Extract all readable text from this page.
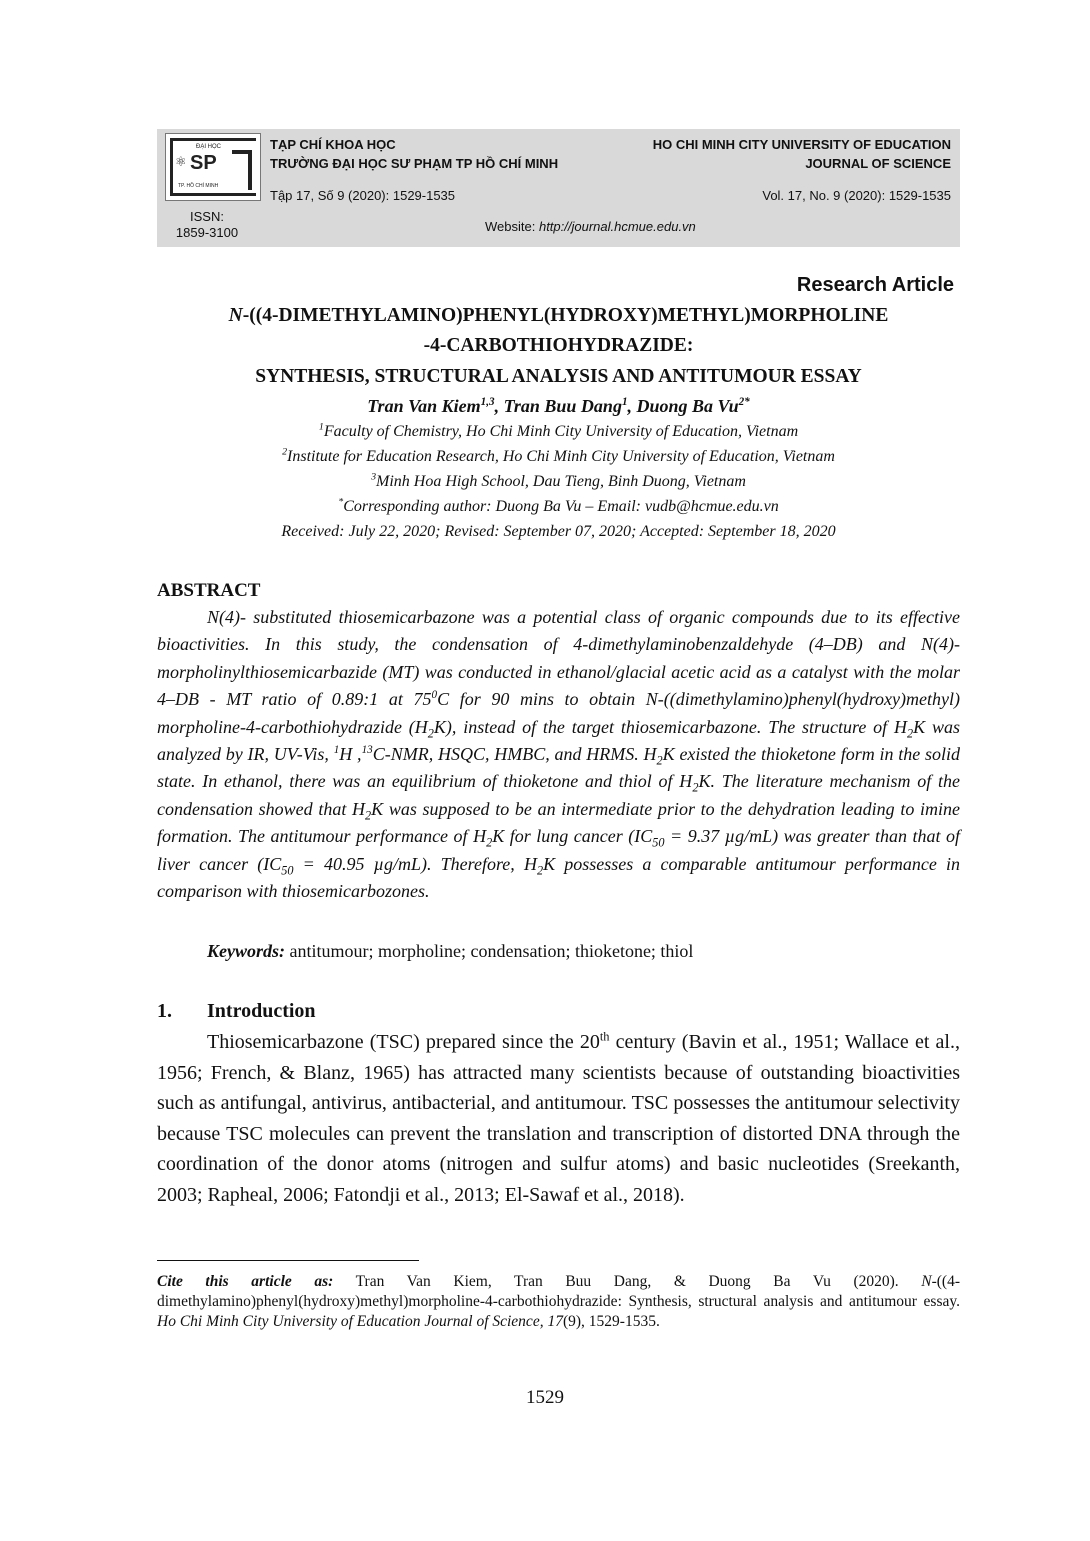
⚛
ĐẠI HỌC
SP
TP. HỒ CHÍ MINH
TẠP CHÍ KHOA HỌC
TRƯỜNG ĐẠI HỌC SƯ PHẠM TP HỒ CHÍ MINH
Tập 17, Số 9 (2020): 1529-1535
HO CHI MINH CITY UNIVERSITY OF EDUCATION
JOURNAL OF SCIENCE
Vol. 17, No. 9 (2020): 1529-1535
ISSN:
1859-3100	Website: http://journal.hcmue.edu.vn
Research Article
N-((4-DIMETHYLAMINO)PHENYL(HYDROXY)METHYL)MORPHOLINE
-4-CARBOTHIOHYDRAZIDE:
SYNTHESIS, STRUCTURAL ANALYSIS AND ANTITUMOUR ESSAY
Tran Van Kiem$^{1,3}$, Tran Buu Dang$^1$, Duong Ba $Vu^{2*}$
$^1$Faculty of Chemistry, Ho Chi Minh City University of Education, Vietnam
$^2$Institute for Education Research, Ho Chi Minh City University of Education, Vietnam
$^3$Minh Hoa High School, Dau Tieng, Binh Duong, Vietnam
*Corresponding author: Duong Ba Vu – Email: vudb@hcmue.edu.vn
Received: July 22, 2020; Revised: September 07, 2020; Accepted: September 18, 2020
ABSTRACT

N(4)- substituted thiosemicarbazone was a potential class of organic compounds due to its effective bioactivities. In this study, the condensation of 4-dimethylaminobenzaldehyde (4–DB) and N(4)- morpholinylthiosemicarbazide (MT) was conducted in ethanol/glacial acetic acid as a catalyst with the molar 4–DB - MT ratio of 0.89:1 at $75^0C$ for 90 mins to obtain N-((dimethylamino)phenyl(hydroxy)methyl) morpholine-4-carbothiohydrazide $(H_2K)$, instead of the target thiosemicarbazone. The structure of $H_2K$ was analyzed by IR, UV-Vis, $^1$H ,$^{13}$C-NMR, HSQC, HMBC, and HRMS. $H_2K$ existed the thioketone form in the solid state. In ethanol, there was an equilibrium of thioketone and thiol of $H_2K$. The literature mechanism of the condensation showed that $H_2K$ was supposed to be an intermediate prior to the dehydration leading to imine formation. The antitumour performance of $H_2K$ for lung cancer ($IC_{50} = 9.37$ µg/mL) was greater than that of liver cancer ($IC_{50} = 40.95$ µg/mL). Therefore, $H_2K$ possesses a comparable antitumour performance in comparison with thiosemicarbozones.

Keywords: antitumour; morpholine; condensation; thioketone; thiol
1. Introduction

Thiosemicarbazone (TSC) prepared since the 20th century (Bavin et al., 1951; Wallace et al., 1956; French, & Blanz, 1965) has attracted many scientists because of outstanding bioactivities such as antifungal, antivirus, antibacterial, and antitumour. TSC possesses the antitumour selectivity because TSC molecules can prevent the translation and transcription of distorted DNA through the coordination of the donor atoms (nitrogen and sulfur atoms) and basic nucleotides (Sreekanth, 2003; Rapheal, 2006; Fatondji et al., 2013; El-Sawaf et al., 2018).

Cite this article as: Tran Van Kiem, Tran Buu Dang, & Duong Ba Vu (2020). N-((4-dimethylamino)phenyl(hydroxy)methyl)morpholine-4-carbothiohydrazide: Synthesis, structural analysis and antitumour essay. Ho Chi Minh City University of Education Journal of Science, 17(9), 1529-1535.

1529
